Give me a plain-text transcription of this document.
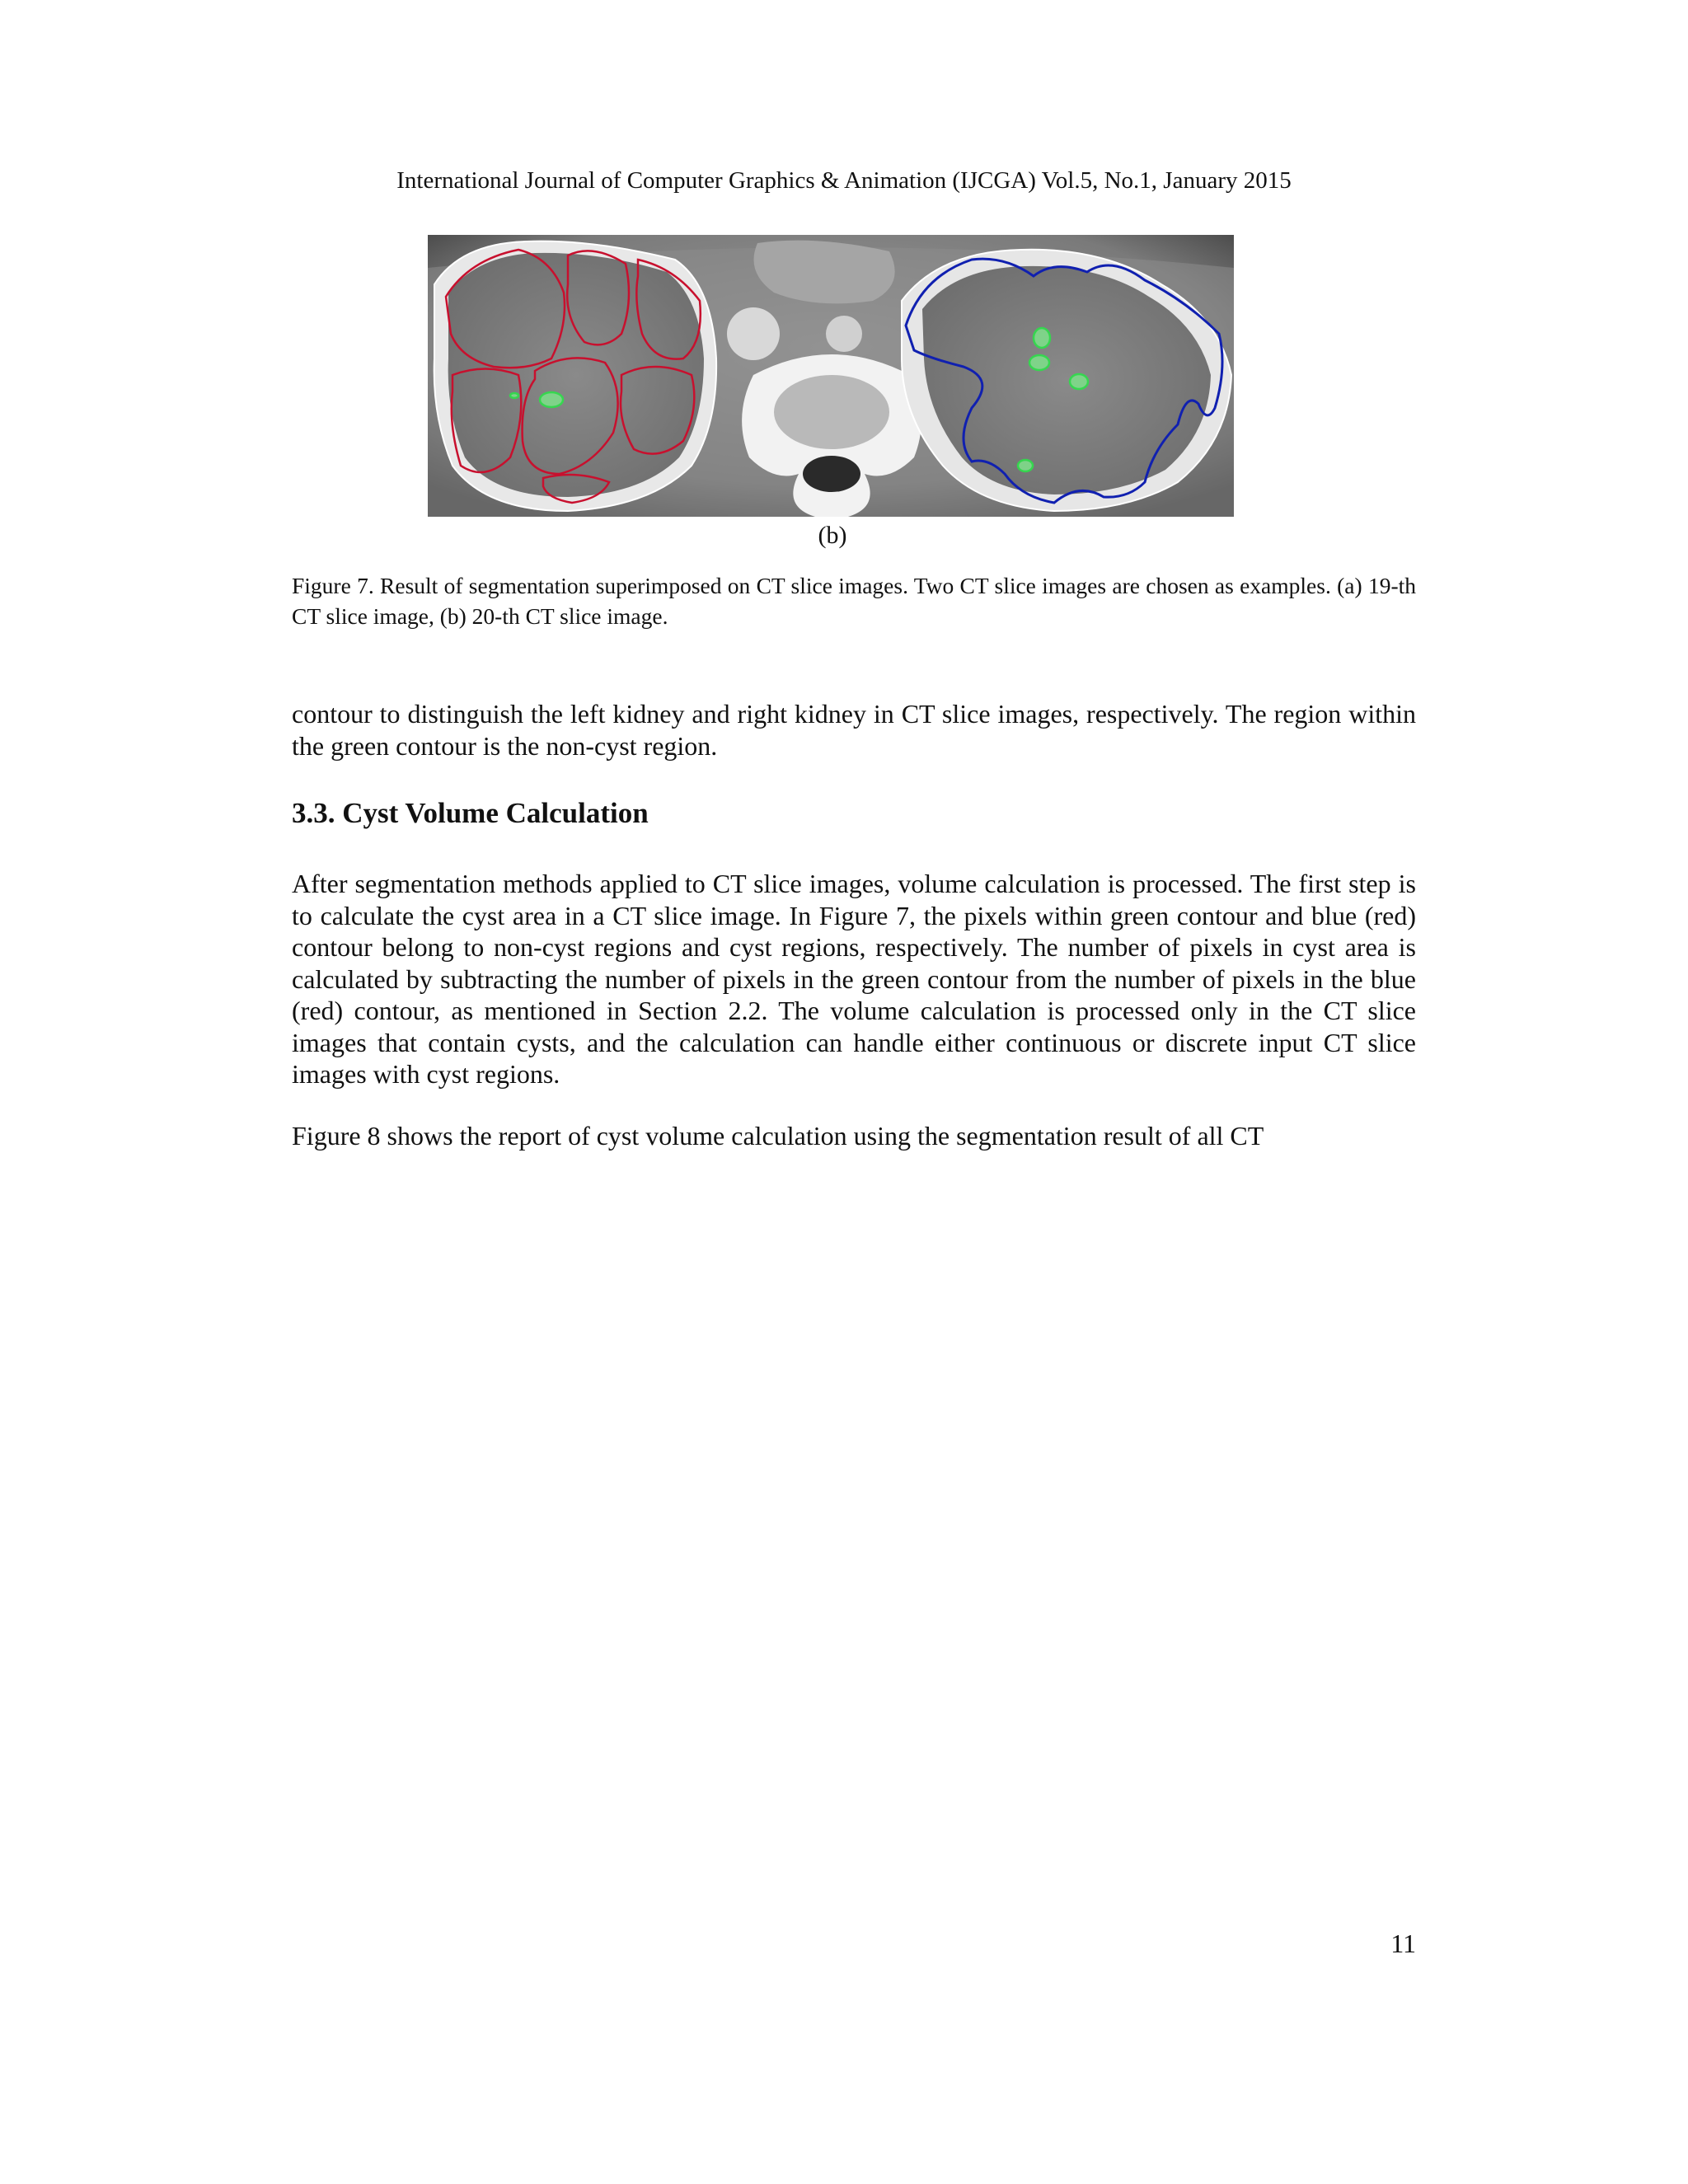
International Journal of Computer Graphics & Animation (IJCGA) Vol.5, No.1, January 2015
(b)

Figure 7. Result of segmentation superimposed on CT slice images. Two CT slice images are chosen as examples. (a) 19-th CT slice image, (b) 20-th CT slice image.

contour to distinguish the left kidney and right kidney in CT slice images, respectively. The region within the green contour is the non-cyst region.

3.3. Cyst Volume Calculation

After segmentation methods applied to CT slice images, volume calculation is processed. The first step is to calculate the cyst area in a CT slice image. In Figure 7, the pixels within green contour and blue (red) contour belong to non-cyst regions and cyst regions, respectively. The number of pixels in cyst area is calculated by subtracting the number of pixels in the green contour from the number of pixels in the blue (red) contour, as mentioned in Section 2.2. The volume calculation is processed only in the CT slice images that contain cysts, and the calculation can handle either continuous or discrete input CT slice images with cyst regions.

Figure 8 shows the report of cyst volume calculation using the segmentation result of all CT

11
